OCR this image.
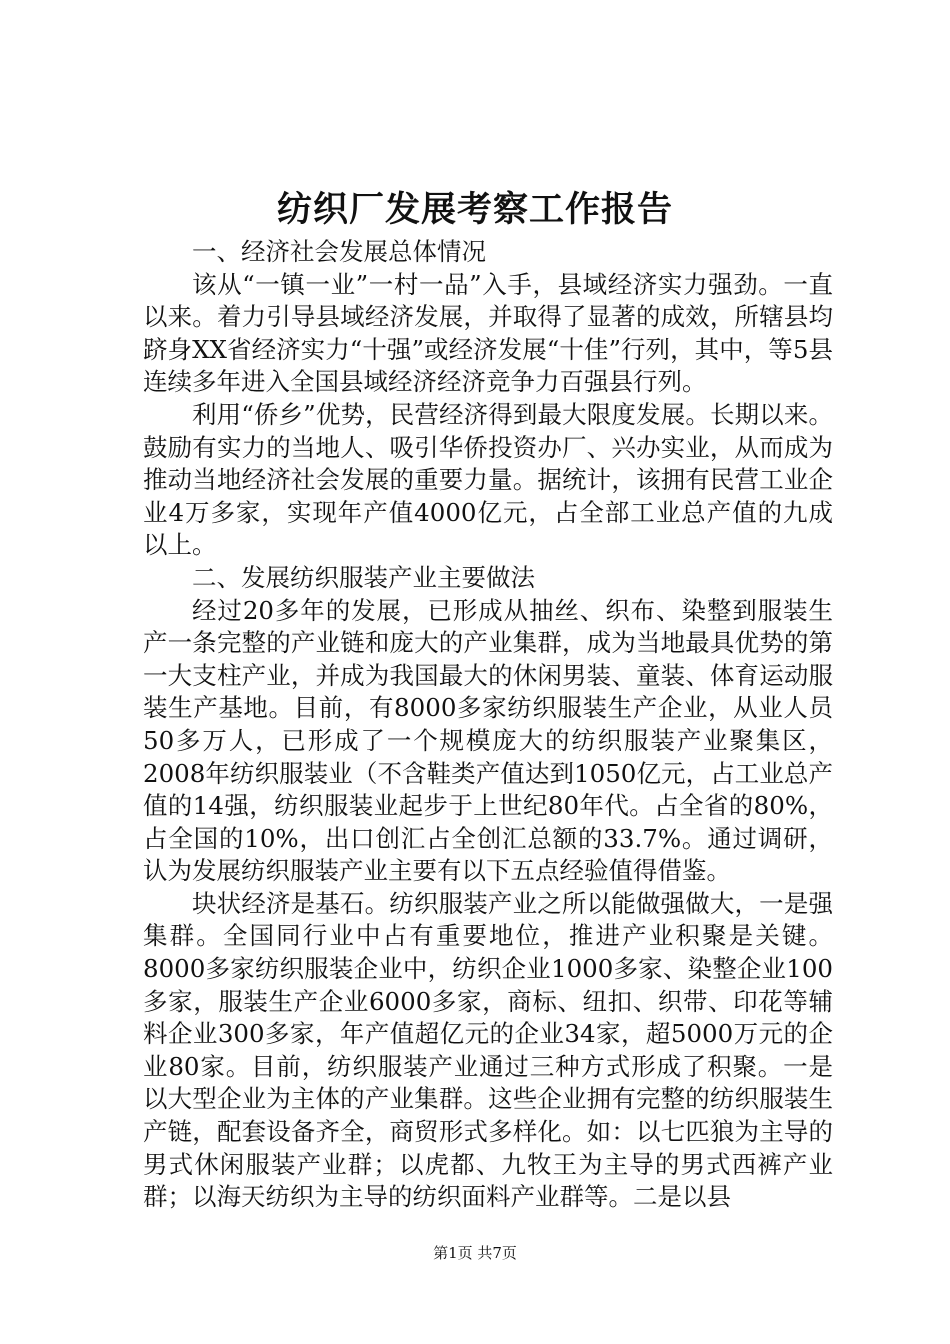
纺织厂发展考察工作报告

一、经济社会发展总体情况

该从“一镇一业”一村一品”入手，县域经济实力强劲。一直以来。着力引导县域经济发展，并取得了显著的成效，所辖县均跻身XX省经济实力“十强”或经济发展“十佳”行列，其中，等5县连续多年进入全国县域经济经济竞争力百强县行列。

利用“侨乡”优势，民营经济得到最大限度发展。长期以来。鼓励有实力的当地人、吸引华侨投资办厂、兴办实业，从而成为推动当地经济社会发展的重要力量。据统计，该拥有民营工业企业4万多家，实现年产值4000亿元，占全部工业总产值的九成以上。

二、发展纺织服装产业主要做法

经过20多年的发展，已形成从抽丝、织布、染整到服装生产一条完整的产业链和庞大的产业集群，成为当地最具优势的第一大支柱产业，并成为我国最大的休闲男装、童装、体育运动服装生产基地。目前，有8000多家纺织服装生产企业，从业人员50多万人，已形成了一个规模庞大的纺织服装产业聚集区，2008年纺织服装业（不含鞋类产值达到1050亿元，占工业总产值的14强，纺织服装业起步于上世纪80年代。占全省的80%，占全国的10%，出口创汇占全创汇总额的33.7%。通过调研，认为发展纺织服装产业主要有以下五点经验值得借鉴。

块状经济是基石。纺织服装产业之所以能做强做大，一是强集群。全国同行业中占有重要地位，推进产业积聚是关键。8000多家纺织服装企业中，纺织企业1000多家、染整企业100多家，服装生产企业6000多家，商标、纽扣、织带、印花等辅料企业300多家，年产值超亿元的企业34家，超5000万元的企业80家。目前，纺织服装产业通过三种方式形成了积聚。一是以大型企业为主体的产业集群。这些企业拥有完整的纺织服装生产链，配套设备齐全，商贸形式多样化。如：以七匹狼为主导的男式休闲服装产业群；以虎都、九牧王为主导的男式西裤产业群；以海天纺织为主导的纺织面料产业群等。二是以县

第1页 共7页
